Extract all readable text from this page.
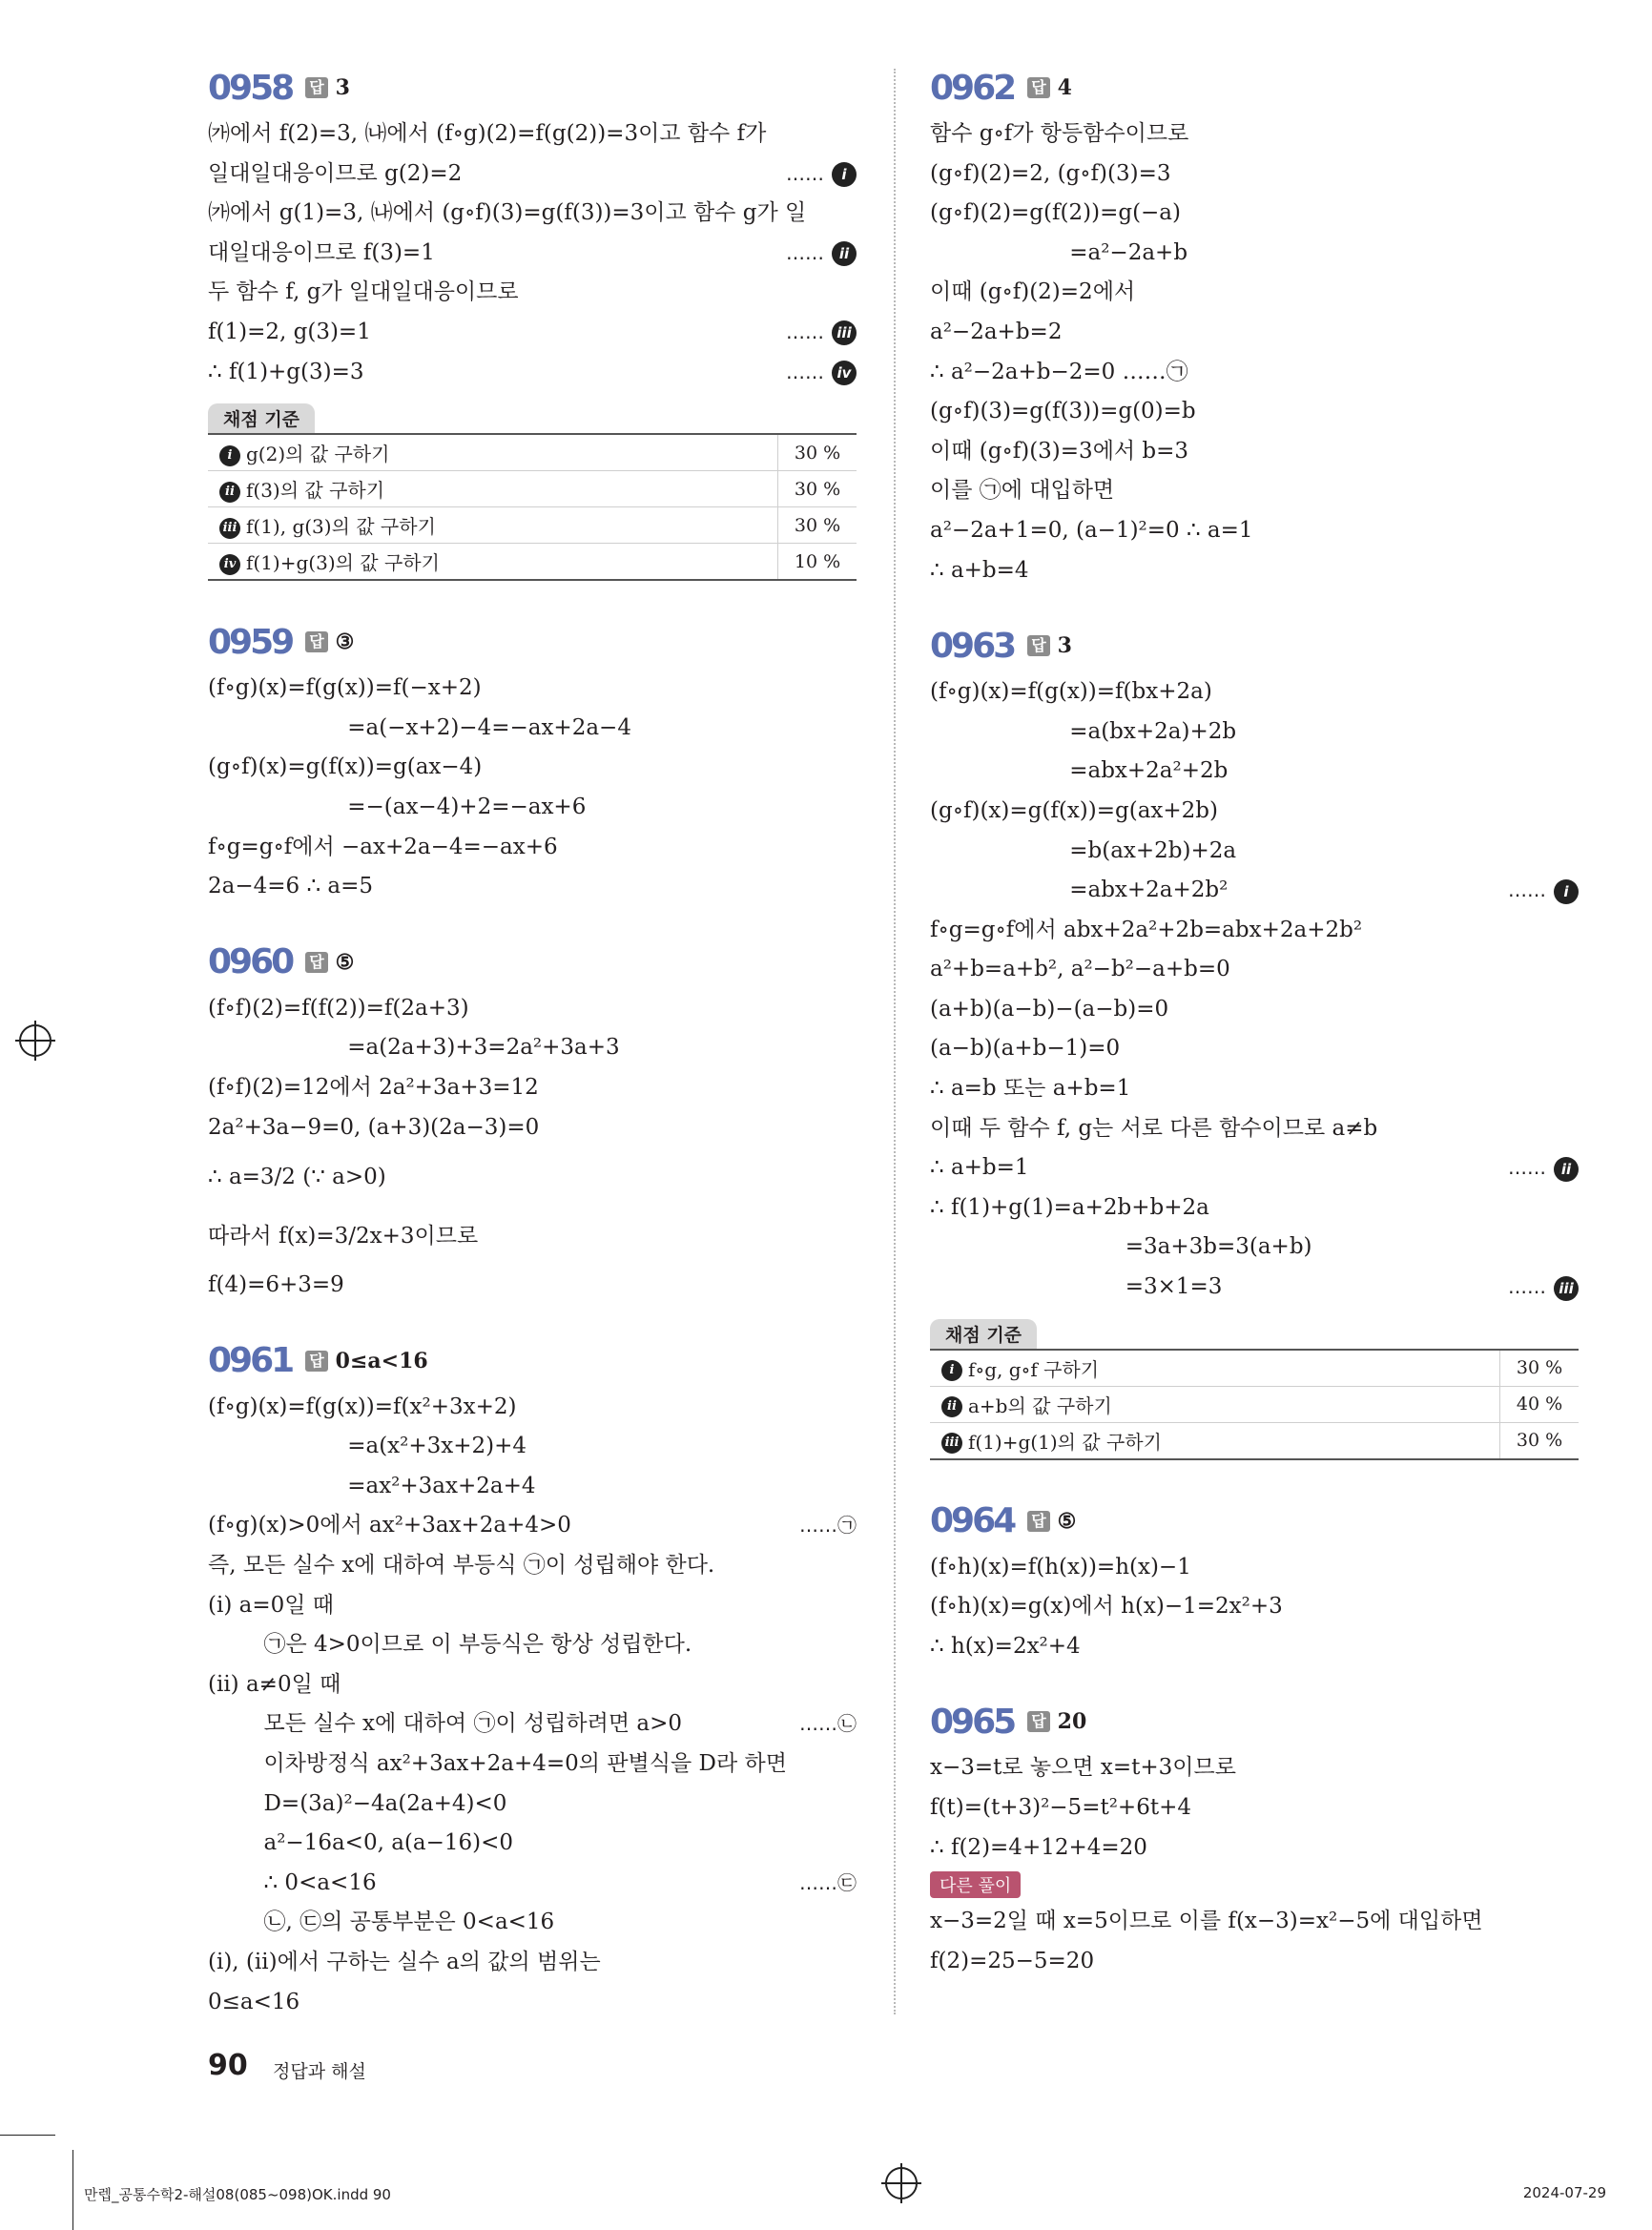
0958 답 3
㈎에서 f(2)=3, ㈏에서 (f∘g)(2)=f(g(2))=3이고 함수 f가
일대일대응이므로 g(2)=2	…… i
㈎에서 g(1)=3, ㈏에서 (g∘f)(3)=g(f(3))=3이고 함수 g가 일
대일대응이므로 f(3)=1	…… ii
두 함수 f, g가 일대일대응이므로
f(1)=2, g(3)=1	…… iii
∴ f(1)+g(3)=3	…… iv
채점 기준
i g(2)의 값 구하기	30 %
ii f(3)의 값 구하기	30 %
iii f(1), g(3)의 값 구하기	30 %
iv f(1)+g(3)의 값 구하기	10 %
0959 답 ③
(f∘g)(x)=f(g(x))=f(−x+2)
=a(−x+2)−4=−ax+2a−4
(g∘f)(x)=g(f(x))=g(ax−4)
=−(ax−4)+2=−ax+6
f∘g=g∘f에서 −ax+2a−4=−ax+6
2a−4=6 ∴ a=5
0960 답 ⑤
(f∘f)(2)=f(f(2))=f(2a+3)
=a(2a+3)+3=2a²+3a+3
(f∘f)(2)=12에서 2a²+3a+3=12
2a²+3a−9=0, (a+3)(2a−3)=0
∴ a=3/2 (∵ a>0)
따라서 f(x)=3/2x+3이므로
f(4)=6+3=9
0961 답 0≤a<16
(f∘g)(x)=f(g(x))=f(x²+3x+2)
=a(x²+3x+2)+4
=ax²+3ax+2a+4
(f∘g)(x)>0에서 ax²+3ax+2a+4>0	……㉠
즉, 모든 실수 x에 대하여 부등식 ㉠이 성립해야 한다.
(ⅰ) a=0일 때
㉠은 4>0이므로 이 부등식은 항상 성립한다.
(ⅱ) a≠0일 때
모든 실수 x에 대하여 ㉠이 성립하려면 a>0	……㉡
이차방정식 ax²+3ax+2a+4=0의 판별식을 D라 하면
D=(3a)²−4a(2a+4)<0
a²−16a<0, a(a−16)<0
∴ 0<a<16	……㉢
㉡, ㉢의 공통부분은 0<a<16
(ⅰ), (ⅱ)에서 구하는 실수 a의 값의 범위는
0≤a<16
0962 답 4
함수 g∘f가 항등함수이므로
(g∘f)(2)=2, (g∘f)(3)=3
(g∘f)(2)=g(f(2))=g(−a)
=a²−2a+b
이때 (g∘f)(2)=2에서
a²−2a+b=2
∴ a²−2a+b−2=0 ……㉠
(g∘f)(3)=g(f(3))=g(0)=b
이때 (g∘f)(3)=3에서 b=3
이를 ㉠에 대입하면
a²−2a+1=0, (a−1)²=0 ∴ a=1
∴ a+b=4
0963 답 3
(f∘g)(x)=f(g(x))=f(bx+2a)
=a(bx+2a)+2b
=abx+2a²+2b
(g∘f)(x)=g(f(x))=g(ax+2b)
=b(ax+2b)+2a
=abx+2a+2b²	…… i
f∘g=g∘f에서 abx+2a²+2b=abx+2a+2b²
a²+b=a+b², a²−b²−a+b=0
(a+b)(a−b)−(a−b)=0
(a−b)(a+b−1)=0
∴ a=b 또는 a+b=1
이때 두 함수 f, g는 서로 다른 함수이므로 a≠b
∴ a+b=1	…… ii
∴ f(1)+g(1)=a+2b+b+2a
=3a+3b=3(a+b)
=3×1=3	…… iii
채점 기준
i f∘g, g∘f 구하기	30 %
ii a+b의 값 구하기	40 %
iii f(1)+g(1)의 값 구하기	30 %
0964 답 ⑤
(f∘h)(x)=f(h(x))=h(x)−1
(f∘h)(x)=g(x)에서 h(x)−1=2x²+3
∴ h(x)=2x²+4
0965 답 20
x−3=t로 놓으면 x=t+3이므로
f(t)=(t+3)²−5=t²+6t+4
∴ f(2)=4+12+4=20
다른 풀이
x−3=2일 때 x=5이므로 이를 f(x−3)=x²−5에 대입하면
f(2)=25−5=20
90 정답과 해설
만렙_공통수학2-해설08(085~098)OK.indd 90	2024-07-29
